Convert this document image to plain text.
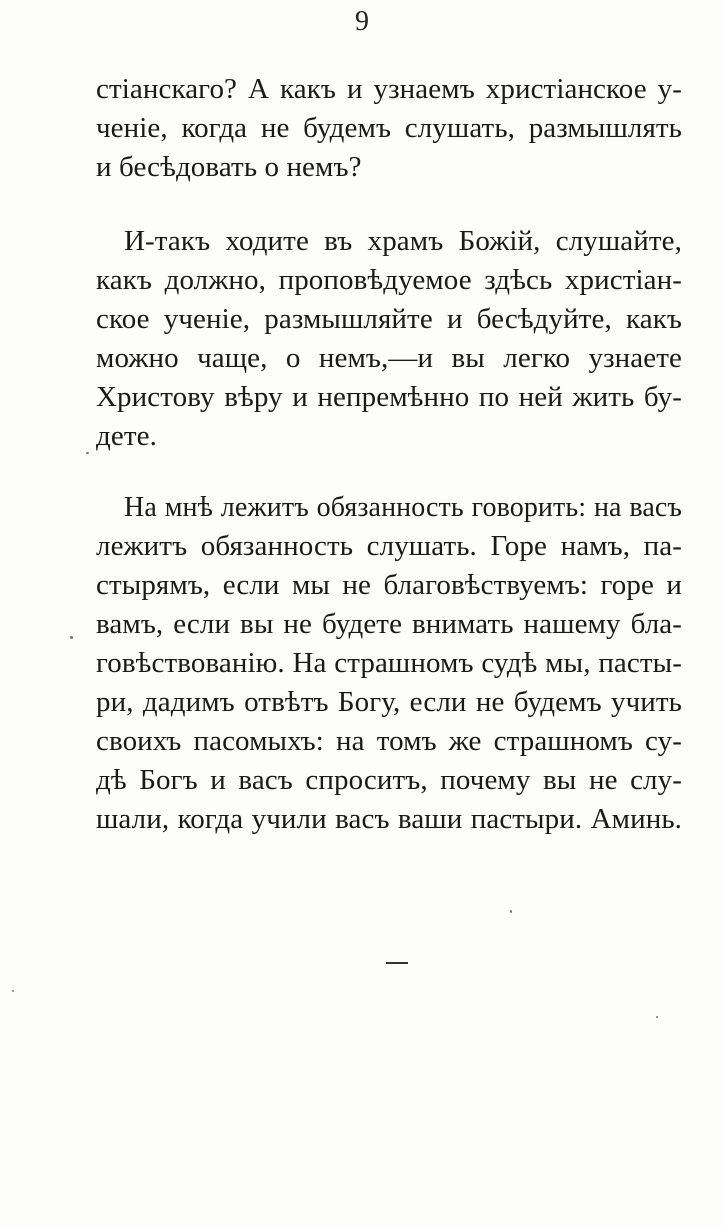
9
стіанскаго? А какъ и узнаемъ христіанское у-
ченіе, когда не будемъ слушать, размышлять
и бесѣдовать о немъ?
И-такъ ходите въ храмъ Божій, слушайте,
какъ должно, проповѣдуемое здѣсь христіан-
ское ученіе, размышляйте и бесѣдуйте, какъ
можно чаще, о немъ,—и вы легко узнаете
Христову вѣру и непремѣнно по ней жить бу-
дете.
На мнѣ лежитъ обязанность говорить: на васъ
лежитъ обязанность слушать. Горе намъ, па-
стырямъ, если мы не благовѣствуемъ: горе и
вамъ, если вы не будете внимать нашему бла-
говѣствованію. На страшномъ судѣ мы, пасты-
ри, дадимъ отвѣтъ Богу, если не будемъ учить
своихъ пасомыхъ: на томъ же страшномъ су-
дѣ Богъ и васъ спроситъ, почему вы не слу-
шали, когда учили васъ ваши пастыри. Аминь.
